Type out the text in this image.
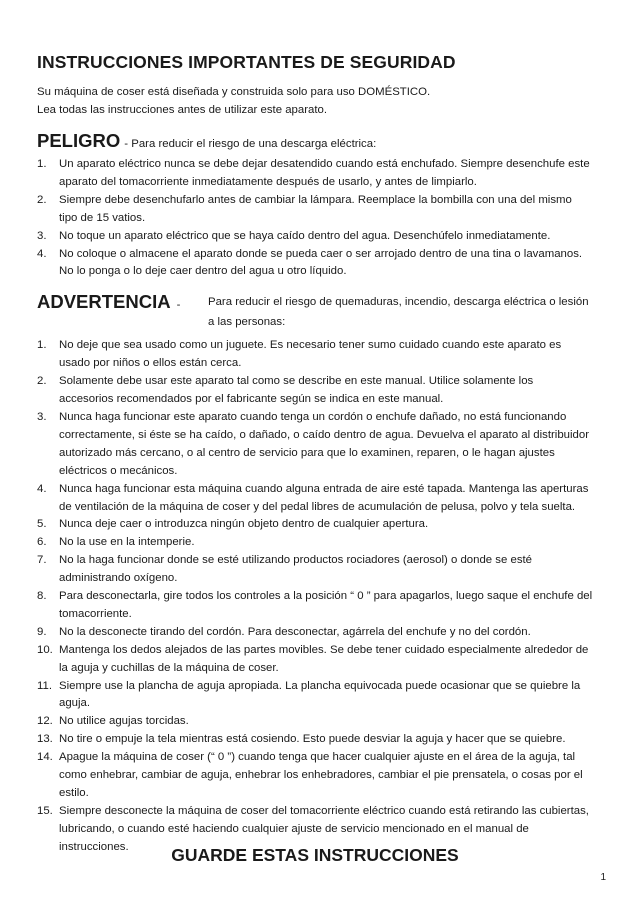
INSTRUCCIONES IMPORTANTES DE SEGURIDAD
Su máquina de coser está diseñada y construida solo para uso DOMÉSTICO.
Lea todas las instrucciones antes de utilizar este aparato.
PELIGRO - Para reducir el riesgo de una descarga eléctrica:
1.	Un aparato eléctrico nunca se debe dejar desatendido cuando está enchufado. Siempre desenchufe este
aparato del tomacorriente inmediatamente después de usarlo, y antes de limpiarlo.
2.	Siempre debe desenchufarlo antes de cambiar la lámpara. Reemplace la bombilla con una del mismo
tipo de 15 vatios.
3.	No toque un aparato eléctrico que se haya caído dentro del agua. Desenchúfelo inmediatamente.
4.	No coloque o almacene el aparato donde se pueda caer o ser arrojado dentro de una tina o lavamanos.
No lo ponga o lo deje caer dentro del agua u otro líquido.
ADVERTENCIA - Para reducir el riesgo de quemaduras, incendio, descarga eléctrica o lesión
a las personas:
1.	No deje que sea usado como un juguete. Es necesario tener sumo cuidado cuando este aparato es
usado por niños o ellos están cerca.
2.	Solamente debe usar este aparato tal como se describe en este manual. Utilice solamente los
accesorios recomendados por el fabricante según se indica en este manual.
3.	Nunca haga funcionar este aparato cuando tenga un cordón o enchufe dañado, no está funcionando
correctamente, si éste se ha caído, o dañado, o caído dentro de agua. Devuelva el aparato al distribuidor
autorizado más cercano, o al centro de servicio para que lo examinen, reparen, o le hagan ajustes
eléctricos o mecánicos.
4.	Nunca haga funcionar esta máquina cuando alguna entrada de aire esté tapada. Mantenga las aperturas
de ventilación de la máquina de coser y del pedal libres de acumulación de pelusa, polvo y tela suelta.
5.	Nunca deje caer o introduzca ningún objeto dentro de cualquier apertura.
6.	No la use en la intemperie.
7.	No la haga funcionar donde se esté utilizando productos rociadores (aerosol) o donde se esté
administrando oxígeno.
8.	Para desconectarla, gire todos los controles a la posición “ 0 ” para apagarlos, luego saque el enchufe del
tomacorriente.
9.	No la desconecte tirando del cordón. Para desconectar, agárrela del enchufe y no del cordón.
10. Mantenga los dedos alejados de las partes movibles. Se debe tener cuidado especialmente alrededor de
la aguja y cuchillas de la máquina de coser.
11. Siempre use la plancha de aguja apropiada. La plancha equivocada puede ocasionar que se quiebre la
aguja.
12. No utilice agujas torcidas.
13. No tire o empuje la tela mientras está cosiendo. Esto puede desviar la aguja y hacer que se quiebre.
14. Apague la máquina de coser (“ 0 ”) cuando tenga que hacer cualquier ajuste en el área de la aguja, tal
como enhebrar, cambiar de aguja, enhebrar los enhebradores, cambiar el pie prensatela, o cosas por el
estilo.
15. Siempre desconecte la máquina de coser del tomacorriente eléctrico cuando está retirando las cubiertas,
lubricando, o cuando esté haciendo cualquier ajuste de servicio mencionado en el manual de
instrucciones.	GUARDE ESTAS INSTRUCCIONES
1
